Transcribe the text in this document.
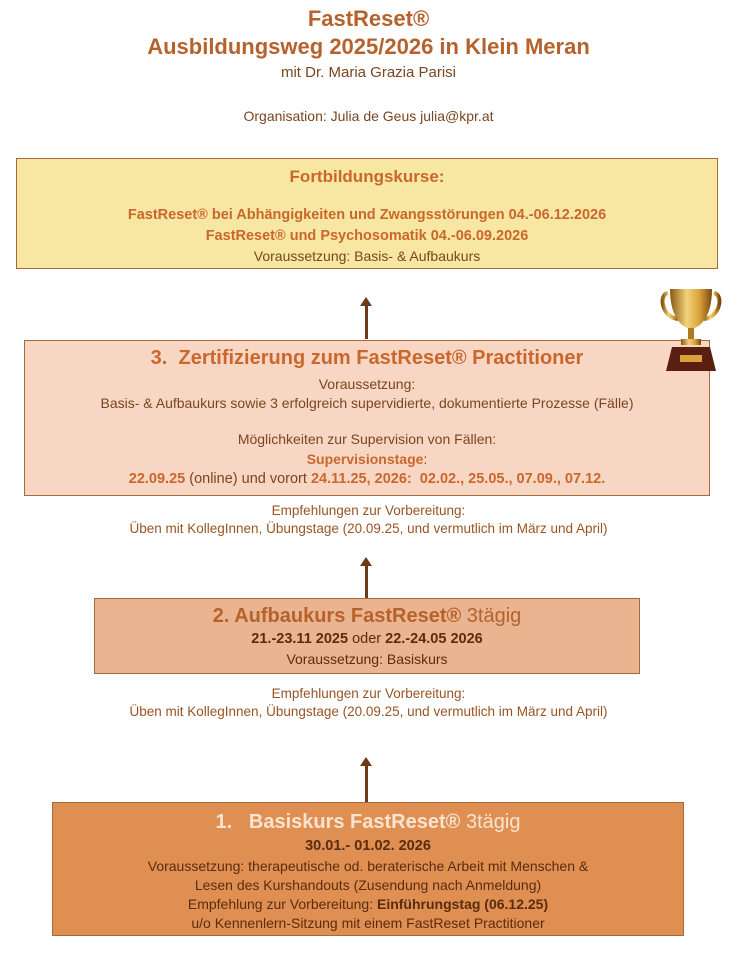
FastReset®
Ausbildungsweg 2025/2026 in Klein Meran
mit Dr. Maria Grazia Parisi
Organisation: Julia de Geus julia@kpr.at
Fortbildungskurse:
FastReset® bei Abhängigkeiten und Zwangsstörungen 04.-06.12.2026
FastReset® und Psychosomatik 04.-06.09.2026
Voraussetzung: Basis- & Aufbaukurs
3. Zertifizierung zum FastReset® Practitioner
Voraussetzung:
Basis- & Aufbaukurs sowie 3 erfolgreich supervidierte, dokumentierte Prozesse (Fälle)
Möglichkeiten zur Supervision von Fällen:
Supervisionstage:
22.09.25 (online) und vorort 24.11.25, 2026:  02.02., 25.05., 07.09., 07.12.
Empfehlungen zur Vorbereitung:
Üben mit KollegInnen, Übungstage (20.09.25, und vermutlich im März und April)
2. Aufbaukurs FastReset® 3tägig
21.-23.11 2025 oder 22.-24.05 2026
Voraussetzung: Basiskurs
Empfehlungen zur Vorbereitung:
Üben mit KollegInnen, Übungstage (20.09.25, und vermutlich im März und April)
1.   Basiskurs FastReset® 3tägig
30.01.- 01.02. 2026
Voraussetzung: therapeutische od. beraterische Arbeit mit Menschen &
Lesen des Kurshandouts (Zusendung nach Anmeldung)
Empfehlung zur Vorbereitung: Einführungstag (06.12.25)
u/o Kennenlern-Sitzung mit einem FastReset Practitioner
